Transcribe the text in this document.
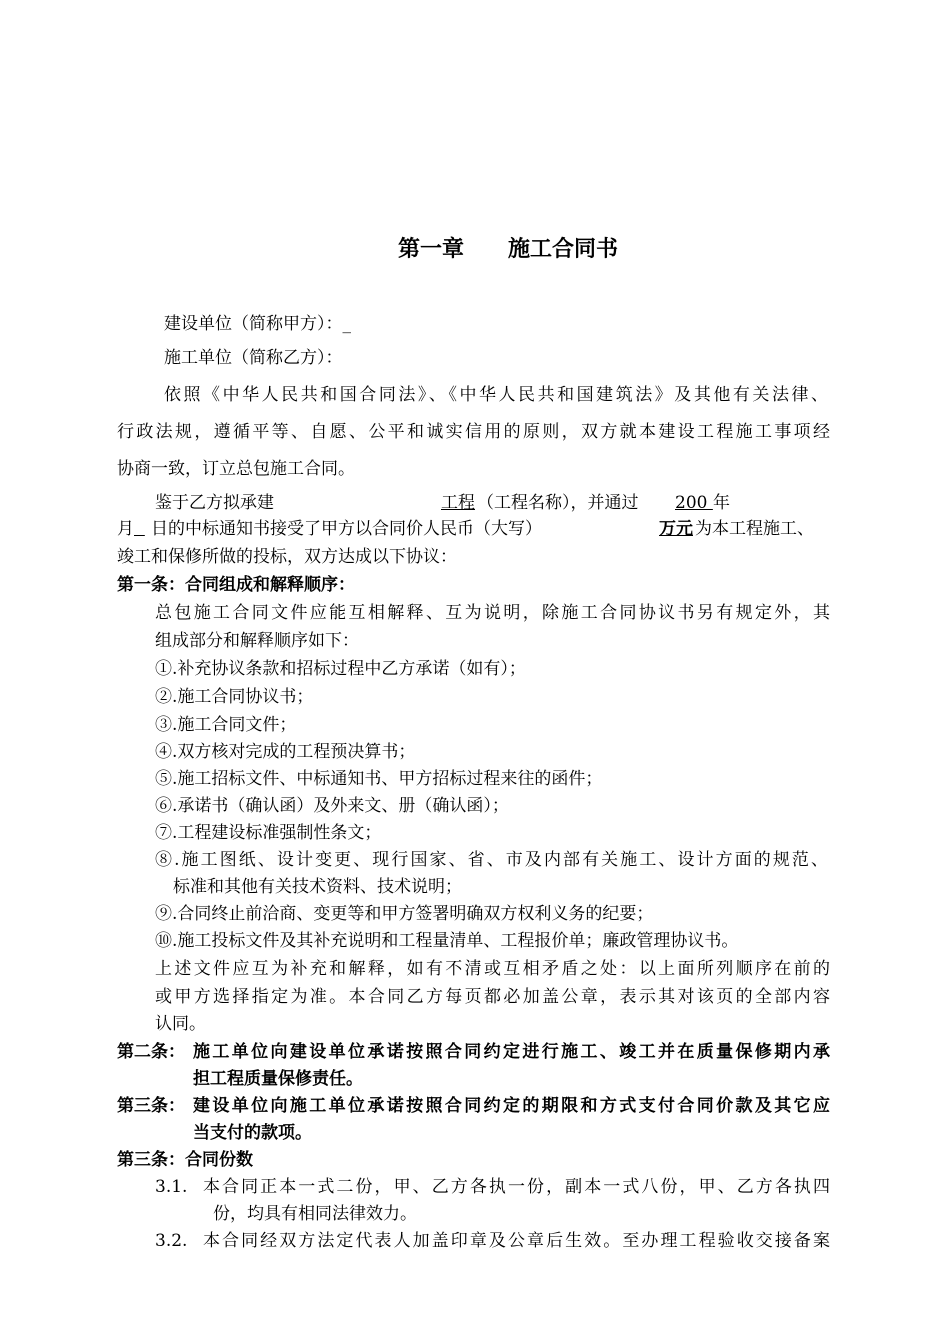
第一章　　施工合同书
建设单位（简称甲方）：_
施工单位（简称乙方）：
依照《中华人民共和国合同法》、《中华人民共和国建筑法》及其他有关法律、
行政法规，遵循平等、自愿、公平和诚实信用的原则，双方就本建设工程施工事项经
协商一致，订立总包施工合同。
鉴于乙方拟承建	工程 （工程名称），并通过 200 年
月
日的中标通知书接受了甲方以合同价人民币（大写）	万元 为本工程施工、
竣工和保修所做的投标，双方达成以下协议：
第一条：合同组成和解释顺序：
总包施工合同文件应能互相解释、互为说明，除施工合同协议书另有规定外，其
组成部分和解释顺序如下：
①.补充协议条款和招标过程中乙方承诺（如有）；
②.施工合同协议书；
③.施工合同文件；
④.双方核对完成的工程预决算书；
⑤.施工招标文件、中标通知书、甲方招标过程来往的函件；
⑥.承诺书（确认函）及外来文、册（确认函）；
⑦.工程建设标准强制性条文；
⑧.施工图纸、设计变更、现行国家、省、市及内部有关施工、设计方面的规范、
标准和其他有关技术资料、技术说明；
⑨.合同终止前洽商、变更等和甲方签署明确双方权利义务的纪要；
⑩.施工投标文件及其补充说明和工程量清单、工程报价单；廉政管理协议书。
上述文件应互为补充和解释，如有不清或互相矛盾之处：以上面所列顺序在前的
或甲方选择指定为准。本合同乙方每页都必加盖公章，表示其对该页的全部内容
认同。
第二条： 施工单位向建设单位承诺按照合同约定进行施工、竣工并在质量保修期内承
担工程质量保修责任。
第三条： 建设单位向施工单位承诺按照合同约定的期限和方式支付合同价款及其它应
当支付的款项。
第三条：合同份数
3.1. 本合同正本一式二份，甲、乙方各执一份，副本一式八份，甲、乙方各执四
份，均具有相同法律效力。
3.2. 本合同经双方法定代表人加盖印章及公章后生效。至办理工程验收交接备案
